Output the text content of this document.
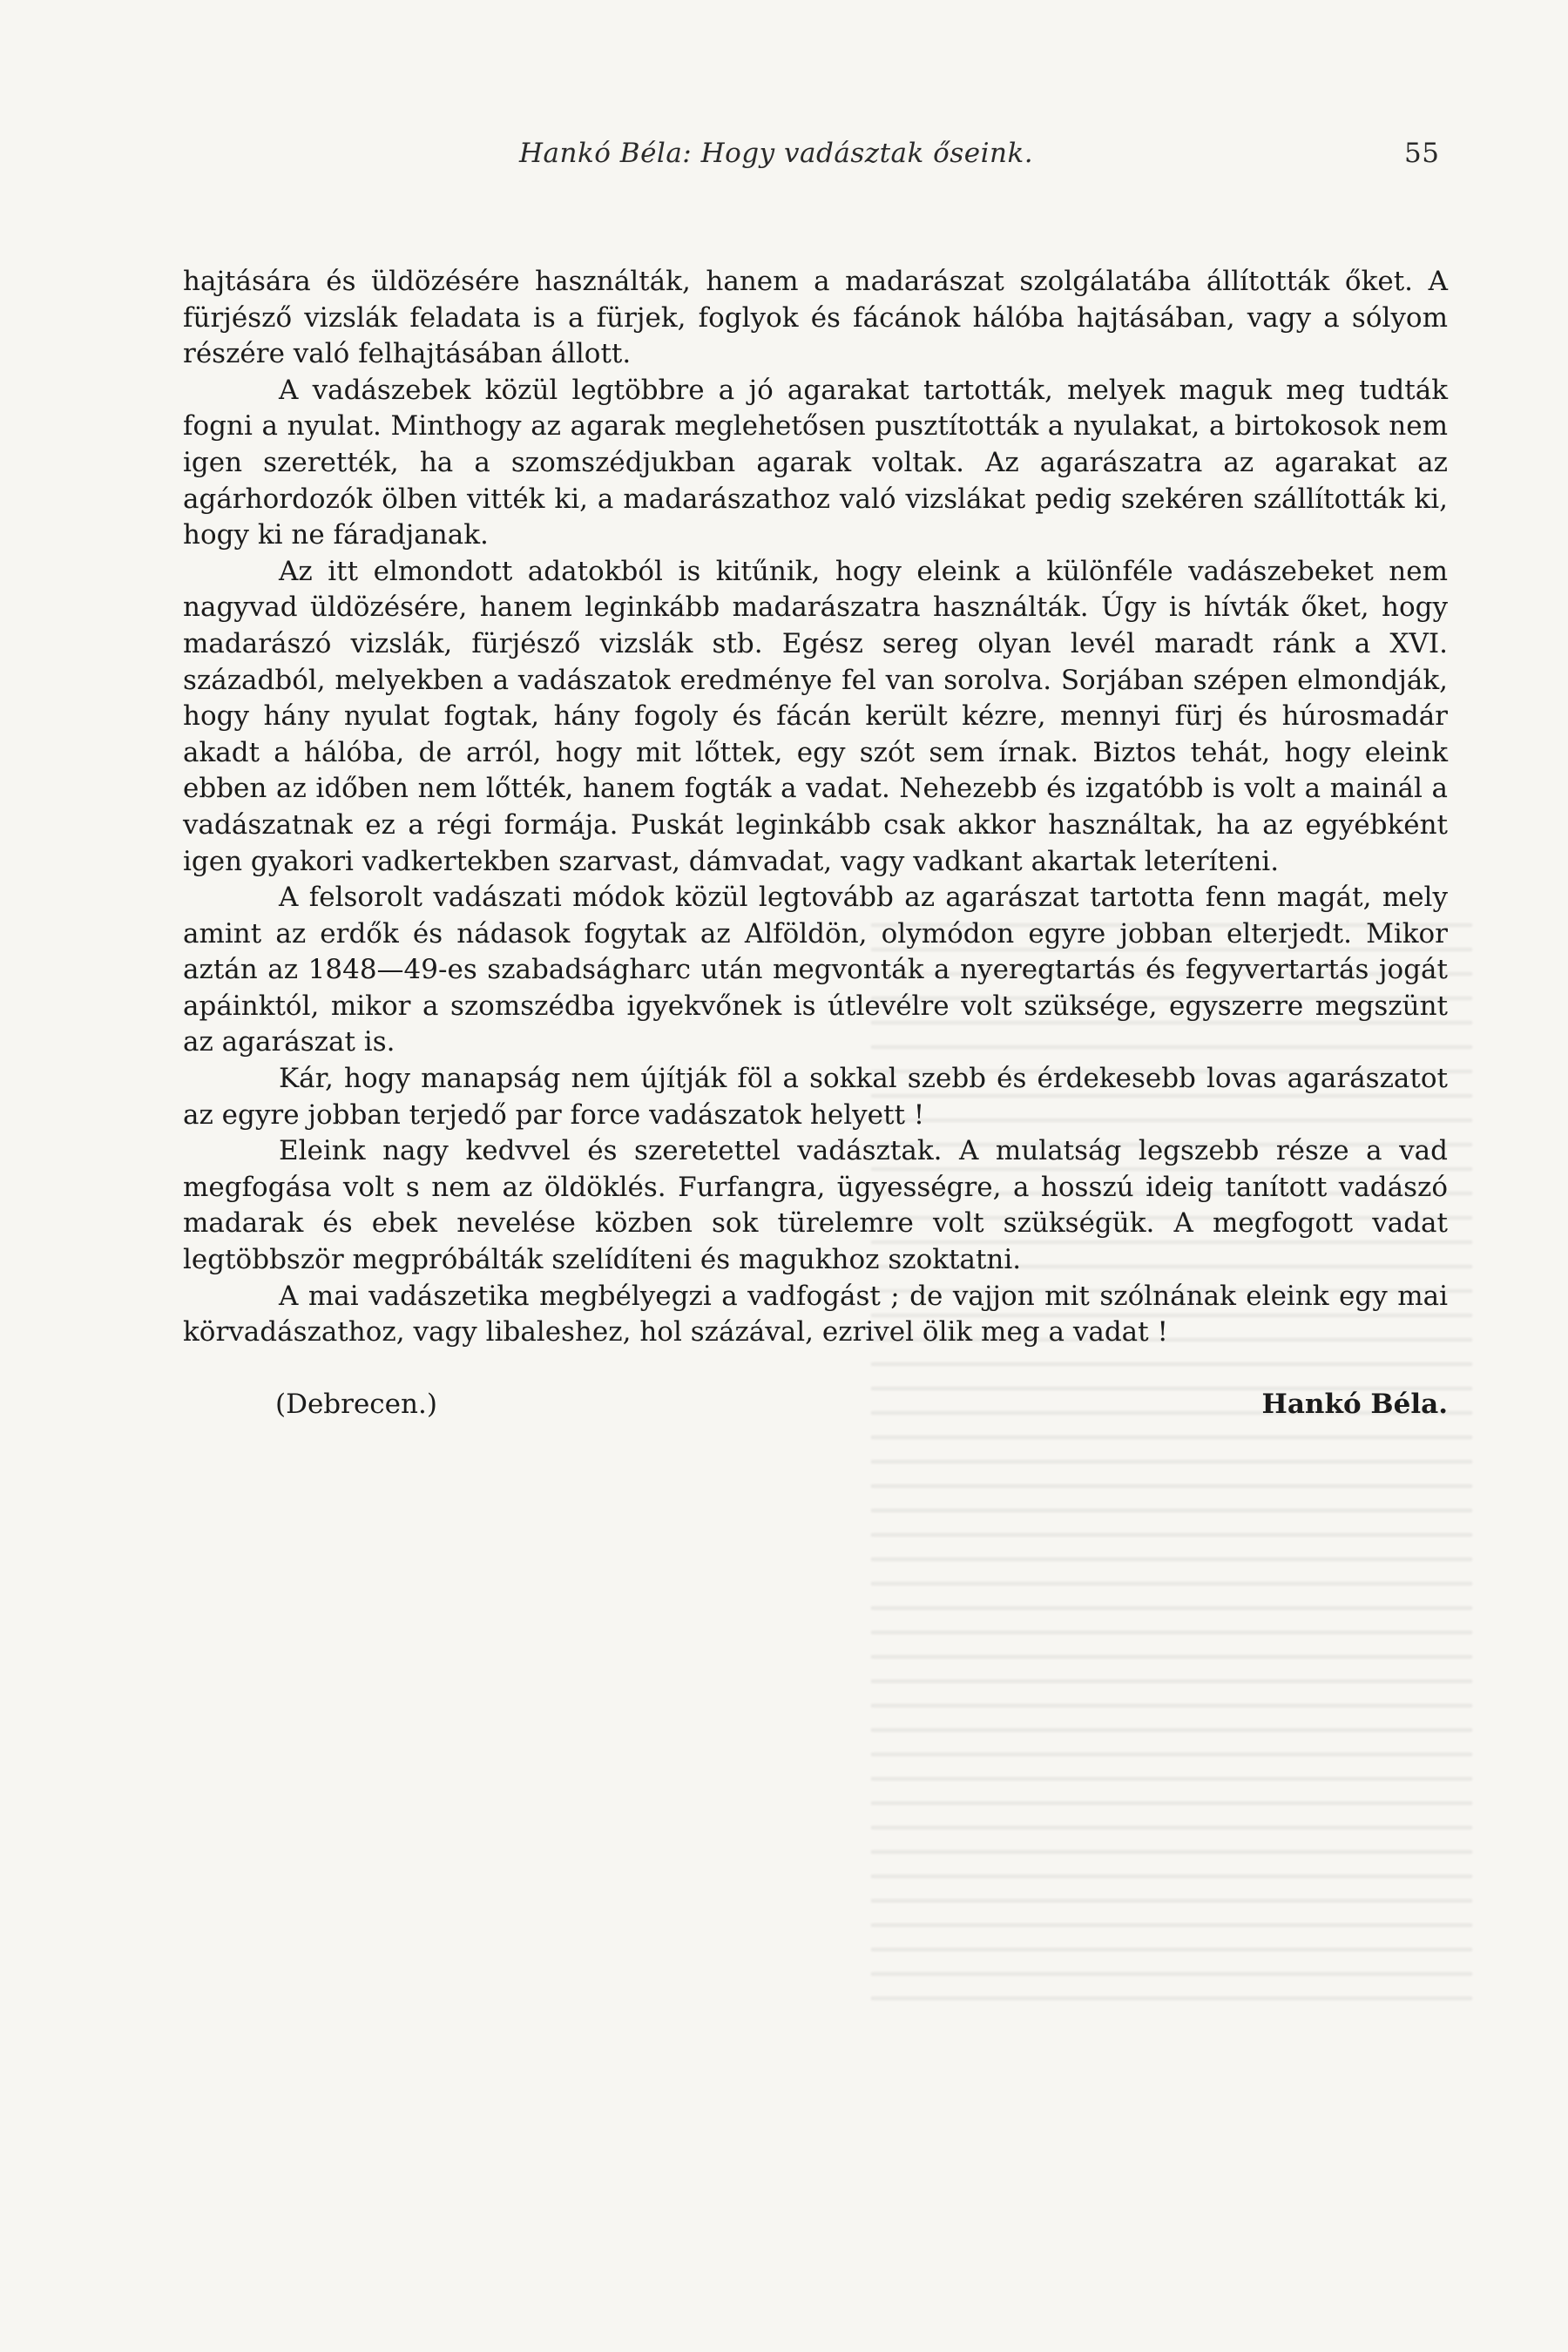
Hankó Béla: Hogy vadásztak őseink.	55

hajtására és üldözésére használták, hanem a madarászat szolgálatába állították őket. A fürjésző vizslák feladata is a fürjek, foglyok és fácánok hálóba hajtásában, vagy a sólyom részére való felhajtásában állott.

A vadászebek közül legtöbbre a jó agarakat tartották, melyek maguk meg tudták fogni a nyulat. Minthogy az agarak meglehetősen pusztították a nyulakat, a birtokosok nem igen szerették, ha a szomszédjukban agarak voltak. Az agarászatra az agarakat az agárhordozók ölben vitték ki, a madarászathoz való vizslákat pedig szekéren szállították ki, hogy ki ne fáradjanak.

Az itt elmondott adatokból is kitűnik, hogy eleink a különféle vadászebeket nem nagyvad üldözésére, hanem leginkább madarászatra használták. Úgy is hívták őket, hogy madarászó vizslák, fürjésző vizslák stb. Egész sereg olyan levél maradt ránk a XVI. századból, melyekben a vadászatok eredménye fel van sorolva. Sorjában szépen elmondják, hogy hány nyulat fogtak, hány fogoly és fácán került kézre, mennyi fürj és húrosmadár akadt a hálóba, de arról, hogy mit lőttek, egy szót sem írnak. Biztos tehát, hogy eleink ebben az időben nem lőtték, hanem fogták a vadat. Nehezebb és izgatóbb is volt a mainál a vadászatnak ez a régi formája. Puskát leginkább csak akkor használtak, ha az egyébként igen gyakori vadkertekben szarvast, dámvadat, vagy vadkant akartak leteríteni.

A felsorolt vadászati módok közül legtovább az agarászat tartotta fenn magát, mely amint az erdők és nádasok fogytak az Alföldön, olymódon egyre jobban elterjedt. Mikor aztán az 1848—49-es szabadságharc után megvonták a nyeregtartás és fegyvertartás jogát apáinktól, mikor a szomszédba igyekvőnek is útlevélre volt szüksége, egyszerre megszünt az agarászat is.

Kár, hogy manapság nem újítják föl a sokkal szebb és érdekesebb lovas agarászatot az egyre jobban terjedő par force vadászatok helyett !

Eleink nagy kedvvel és szeretettel vadásztak. A mulatság legszebb része a vad megfogása volt s nem az öldöklés. Furfangra, ügyességre, a hosszú ideig tanított vadászó madarak és ebek nevelése közben sok türelemre volt szükségük. A megfogott vadat legtöbbször megpróbálták szelídíteni és magukhoz szoktatni.

A mai vadászetika megbélyegzi a vadfogást ; de vajjon mit szólnának eleink egy mai körvadászathoz, vagy libaleshez, hol százával, ezrivel ölik meg a vadat !

(Debrecen.)	Hankó Béla.
